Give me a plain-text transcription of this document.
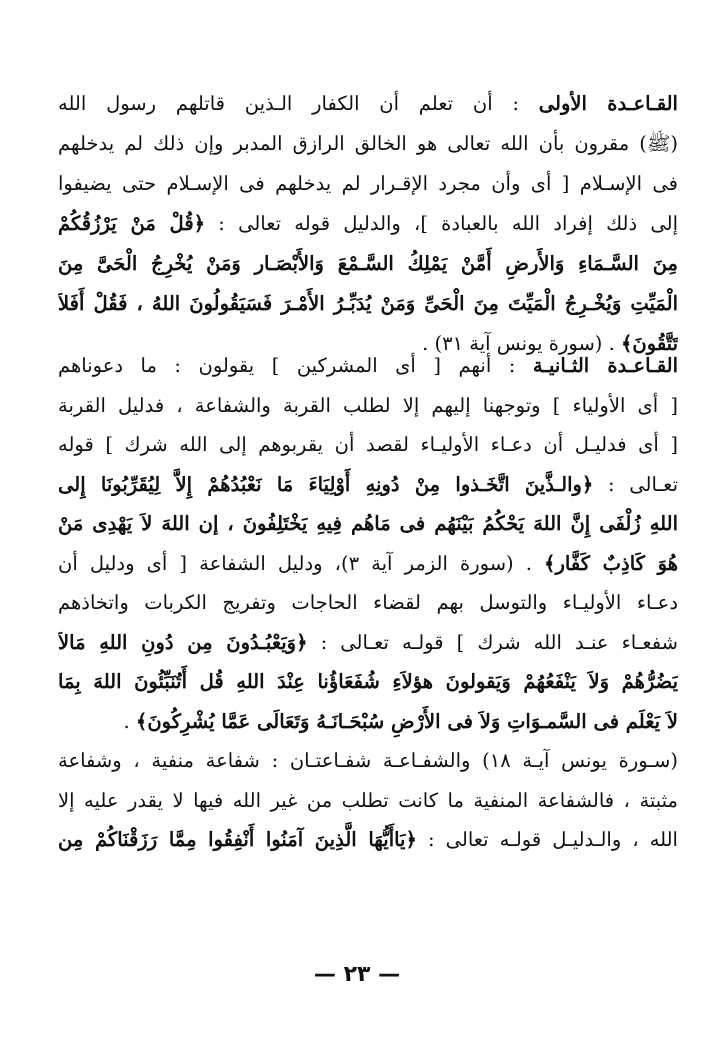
القـاعـدة الأولى : أن تعلم أن الكفار الـذين قاتلهم رسول الله
(ﷺ) مقرون بأن الله تعالى هو الخالق الرازق المدبر وإن ذلك لم يدخلهم
فى الإسـلام [ أى وأن مجرد الإقـرار لم يدخلهم فى الإسـلام حتى يضيفوا
إلى ذلك إفراد الله بالعبادة ]، والدليل قوله تعالى : ﴿قُلْ مَنْ يَرْزُقُكُمْ
مِنَ السَّـمَاءِ وَالأَرضِ أَمَّنْ يَمْلِكُ السَّـمْعَ وَالأَبْصَـار وَمَنْ يُخْرِجُ الْحَىَّ مِنَ
الْمَيِّتِ وَيُخْـرِجُ الْمَيِّتَ مِنَ الْحَىِّ وَمَنْ يُدَبِّـرُ الأَمْـرَ فَسَيَقُولُونَ اللهُ ، فَقُلْ أَفَلاَ
تَتَّقُونَ﴾ . (سورة يونس آية ٣١) .
القـاعـدة الثـانيـة : أنهم [ أى المشركين ] يقولون : ما دعوناهم
[ أى الأولياء ] وتوجهنا إليهم إلا لطلب القربة والشفاعة ، فدليل القربة
[ أى فدليـل أن دعـاء الأوليـاء لقصد أن يقربوهم إلى الله شرك ] قوله
تعـالى : ﴿والـذَّينَ اتَّخَـذوا مِنْ دُونِهِ أَوْلِيَاءَ مَا نَعْبُدُهُمْ إِلاَّ لِيُقَرِّبُونَا إِلى
اللهِ زُلْفَى إِنَّ اللهَ يَحْكُمُ بَيْنَهُم فى مَاهُم فِيهِ يَخْتَلِفُونَ ، إن اللهَ لاَ يَهْدِى مَنْ
هُوَ كَاذِبٌ كَفَّار﴾ . (سورة الزمر آية ٣)، ودليل الشفاعة [ أى ودليل أن
دعـاء الأوليـاء والتوسل بهم لقضاء الحاجات وتفريج الكربات واتخاذهم
شفعـاء عنـد الله شرك ] قولـه تعـالى : ﴿وَيَعْبُـدُونَ مِن دُونِ اللهِ مَالاَ
يَضُرُّهُمْ وَلاَ يَنْفَعُهُمْ وَيَقولونَ هؤلاَءِ شُفَعَاؤُنا عِنْدَ اللهِ قُل أَتُنَبِّئُونَ اللهَ بِمَا
لاَ يَعْلَم فى السَّمـوَاتِ وَلاَ فى الأَرْضِ سُبْحَـانَـهُ وَتَعَالَى عَمَّا يُشْرِكُونَ﴾ .
(سـورة يونس آيـة ١٨) والشفـاعـة شفـاعتـان : شفاعة منفية ، وشفاعة
مثبتة ، فالشفاعة المنفية ما كانت تطلب من غير الله فيها لا يقدر عليه إلا
الله ، والـدليـل قولـه تعالى : ﴿يَاأَيُّهَا الَّذِينَ آمَنُوا أَنْفِقُوا مِمَّا رَزَقْنَاكُمْ مِن
— ٢٣ —
